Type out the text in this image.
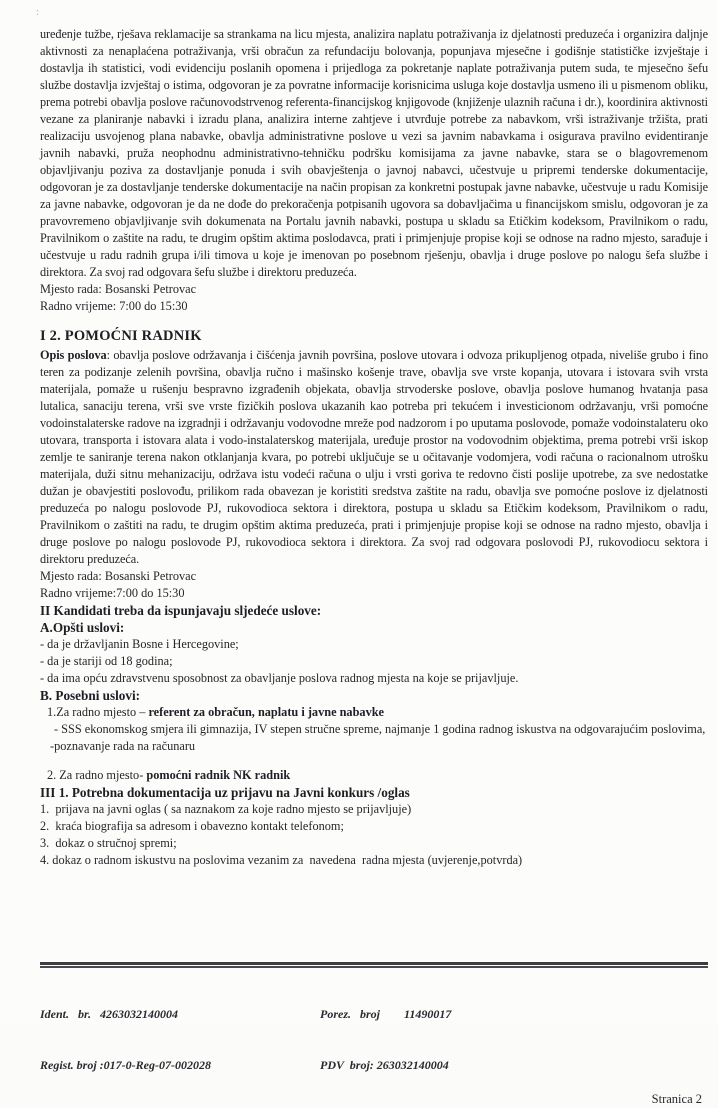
:

uređenje tužbe, rješava reklamacije sa strankama na licu mjesta, analizira naplatu potraživanja iz djelatnosti preduzeća i organizira daljnje aktivnosti za nenaplaćena potraživanja, vrši obračun za refundaciju bolovanja, popunjava mjesečne i godišnje statističke izvještaje i dostavlja ih statistici, vodi evidenciju poslanih opomena i prijedloga za pokretanje naplate potraživanja putem suda, te mjesečno šefu službe dostavlja izvještaj o istima, odgovoran je za povratne informacije korisnicima usluga koje dostavlja usmeno ili u pismenom obliku, prema potrebi obavlja poslove računovodstrvenog referenta-financijskog knjigovode (knjiženje ulaznih računa i dr.), koordinira aktivnosti vezane za planiranje nabavki i izradu plana, analizira interne zahtjeve i utvrđuje potrebe za nabavkom, vrši istraživanje tržišta, prati realizaciju usvojenog plana nabavke, obavlja administrativne poslove u vezi sa javnim nabavkama i osigurava pravilno evidentiranje javnih nabavki, pruža neophodnu administrativno-tehničku podršku komisijama za javne nabavke, stara se o blagovremenom objavljivanju poziva za dostavljanje ponuda i svih obavještenja o javnoj nabavci, učestvuje u pripremi tenderske dokumentacije, odgovoran je za dostavljanje tenderske dokumentacije na način propisan za konkretni postupak javne nabavke, učestvuje u radu Komisije za javne nabavke, odgovoran je da ne dođe do prekoračenja potpisanih ugovora sa dobavljačima u financijskom smislu, odgovoran je za pravovremeno objavljivanje svih dokumenata na Portalu javnih nabavki, postupa u skladu sa Etičkim kodeksom, Pravilnikom o radu, Pravilnikom o zaštite na radu, te drugim opštim aktima poslodavca, prati i primjenjuje propise koji se odnose na radno mjesto, sarađuje i učestvuje u radu radnih grupa i/ili timova u koje je imenovan po posebnom rješenju, obavlja i druge poslove po nalogu šefa službe i direktora. Za svoj rad odgovara šefu službe i direktoru preduzeća.

Mjesto rada: Bosanski Petrovac
Radno vrijeme: 7:00 do 15:30
I 2. POMOĆNI RADNIK

Opis poslova: obavlja poslove održavanja i čišćenja javnih površina, poslove utovara i odvoza prikupljenog otpada, niveliše grubo i fino teren za podizanje zelenih površina, obavlja ručno i mašinsko košenje trave, obavlja sve vrste kopanja, utovara i istovara svih vrsta materijala, pomaže u rušenju bespravno izgrađenih objekata, obavlja strvoderske poslove, obavlja poslove humanog hvatanja pasa lutalica, sanaciju terena, vrši sve vrste fizičkih poslova ukazanih kao potreba pri tekućem i investicionom održavanju, vrši pomoćne vodoinstalaterske radove na izgradnji i održavanju vodovodne mreže pod nadzorom i po uputama poslovode, pomaže vodoinstalateru oko utovara, transporta i istovara alata i vodo-instalaterskog materijala, uređuje prostor na vodovodnim objektima, prema potrebi vrši iskop zemlje te saniranje terena nakon otklanjanja kvara, po potrebi uključuje se u očitavanje vodomjera, vodi računa o racionalnom utrošku materijala, duži sitnu mehanizaciju, održava istu vodeći računa o ulju i vrsti goriva te redovno čisti poslije upotrebe, za sve nedostatke dužan je obavjestiti poslovođu, prilikom rada obavezan je koristiti sredstva zaštite na radu, obavlja sve pomoćne poslove iz djelatnosti preduzeća po nalogu poslovode PJ, rukovodioca sektora i direktora, postupa u skladu sa Etičkim kodeksom, Pravilnikom o radu, Pravilnikom o zaštiti na radu, te drugim opštim aktima preduzeća, prati i primjenjuje propise koji se odnose na radno mjesto, obavlja i druge poslove po nalogu poslovode PJ, rukovodioca sektora i direktora. Za svoj rad odgovara poslovodi PJ, rukovodiocu sektora i direktoru preduzeća.

Mjesto rada: Bosanski Petrovac
Radno vrijeme:7:00 do 15:30
II Kandidati treba da ispunjavaju sljedeće uslove:
A.Opšti uslovi:
- da je državljanin Bosne i Hercegovine;
- da je stariji od 18 godina;
- da ima opću zdravstvenu sposobnost za obavljanje poslova radnog mjesta na koje se prijavljuje.
B. Posebni uslovi:
1.Za radno mjesto – referent za obračun, naplatu i javne nabavke
- SSS ekonomskog smjera ili gimnazija, IV stepen stručne spreme, najmanje 1 godina radnog iskustva na odgovarajućim poslovima,
-poznavanje rada na računaru
2. Za radno mjesto- pomoćni radnik NK radnik
III 1. Potrebna dokumentacija uz prijavu na Javni konkurs /oglas
1.  prijava na javni oglas ( sa naznakom za koje radno mjesto se prijavljuje)
2.  kraća biografija sa adresom i obavezno kontakt telefonom;
3.  dokaz o stručnoj spremi;
4. dokaz o radnom iskustvu na poslovima vezanim za  navedena  radna mjesta (uvjerenje,potvrda)

Ident.   br.   4263032140004

Regist. broj :017-0-Reg-07-002028

Porez.   broj        11490017

PDV  broj: 263032140004

Stranica 2
